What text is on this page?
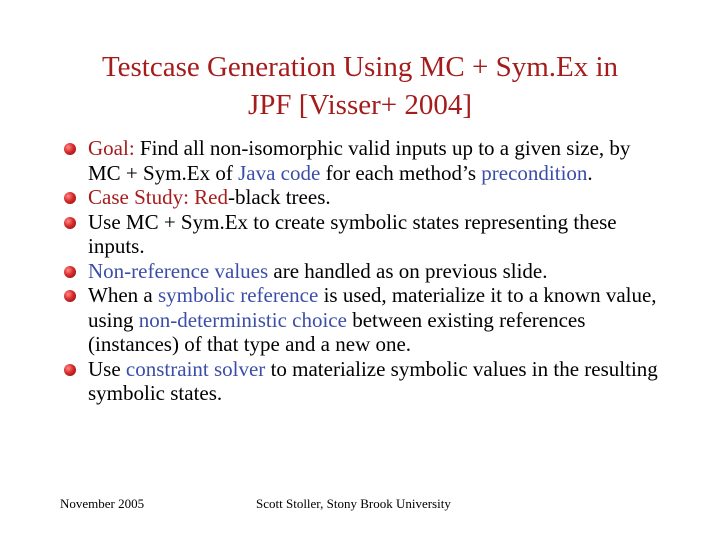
Testcase Generation Using MC + Sym.Ex in
JPF [Visser+ 2004]
Goal: Find all non-isomorphic valid inputs up to a given size, by MC + Sym.Ex of Java code for each method’s precondition.
Case Study: Red-black trees.
Use MC + Sym.Ex to create symbolic states representing these inputs.
Non-reference values are handled as on previous slide.
When a symbolic reference is used, materialize it to a known value, using non-deterministic choice between existing references (instances) of that type and a new one.
Use constraint solver to materialize symbolic values in the resulting symbolic states.
November 2005	Scott Stoller, Stony Brook University
